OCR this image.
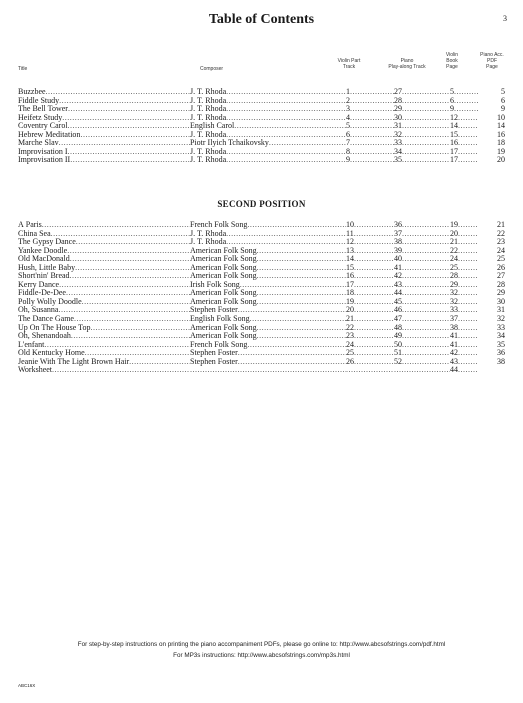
Table of Contents	3
Title	Composer
Violin Part
Track
Piano
Play-along Track
Violin
Book
Page
Piano Acc.
PDF
Page
Buzzbee .....	J. T. Rhoda .....	1 .....	27 .....	5 .....	5
Fiddle Study .....	J. T. Rhoda .....	2 .....	28 .....	6 .....	6
The Bell Tower .....	J. T. Rhoda .....	3 .....	29 .....	9 .....	9
Heifetz Study .....	J. T. Rhoda .....	4 .....	30 .....	12 .....	10
Coventry Carol .....	English Carol .....	5 .....	31 .....	14 .....	14
Hebrew Meditation .....	J. T. Rhoda .....	6 .....	32 .....	15 .....	16
Marche Slav .....	Piotr Ilyich Tchaikovsky .....	7 .....	33 .....	16 .....	18
Improvisation I .....	J. T. Rhoda .....	8 .....	34 .....	17 .....	19
Improvisation II .....	J. T. Rhoda .....	9 .....	35 .....	17 .....	20
SECOND POSITION
À Paris .....	French Folk Song .....	10 .....	36 .....	19 .....	21
China Sea .....	J. T. Rhoda .....	11 .....	37 .....	20 .....	22
The Gypsy Dance .....	J. T. Rhoda .....	12 .....	38 .....	21 .....	23
Yankee Doodle .....	American Folk Song .....	13 .....	39 .....	22 .....	24
Old MacDonald .....	American Folk Song .....	14 .....	40 .....	24 .....	25
Hush, Little Baby .....	American Folk Song .....	15 .....	41 .....	25 .....	26
Short'nin' Bread .....	American Folk Song .....	16 .....	42 .....	28 .....	27
Kerry Dance .....	Irish Folk Song .....	17 .....	43 .....	29 .....	28
Fiddle-De-Dee .....	American Folk Song .....	18 .....	44 .....	32 .....	29
Polly Wolly Doodle .....	American Folk Song .....	19 .....	45 .....	32 .....	30
Oh, Susanna .....	Stephen Foster .....	20 .....	46 .....	33 .....	31
The Dance Game .....	English Folk Song .....	21 .....	47 .....	37 .....	32
Up On The House Top .....	American Folk Song .....	22 .....	48 .....	38 .....	33
Oh, Shenandoah .....	American Folk Song .....	23 .....	49 .....	41 .....	34
L'enfant .....	French Folk Song .....	24 .....	50 .....	41 .....	35
Old Kentucky Home .....	Stephen Foster .....	25 .....	51 .....	42 .....	36
Jeanie With The Light Brown Hair .....	Stephen Foster .....	26 .....	52 .....	43 .....	38
Worksheet ..... ..... ..... .....	44 .....
For step-by-step instructions on printing the piano accompaniment PDFs, please go online to: http://www.abcsofstrings.com/pdf.html
For MP3s instructions: http://www.abcsofstrings.com/mp3s.html
ABC16X
